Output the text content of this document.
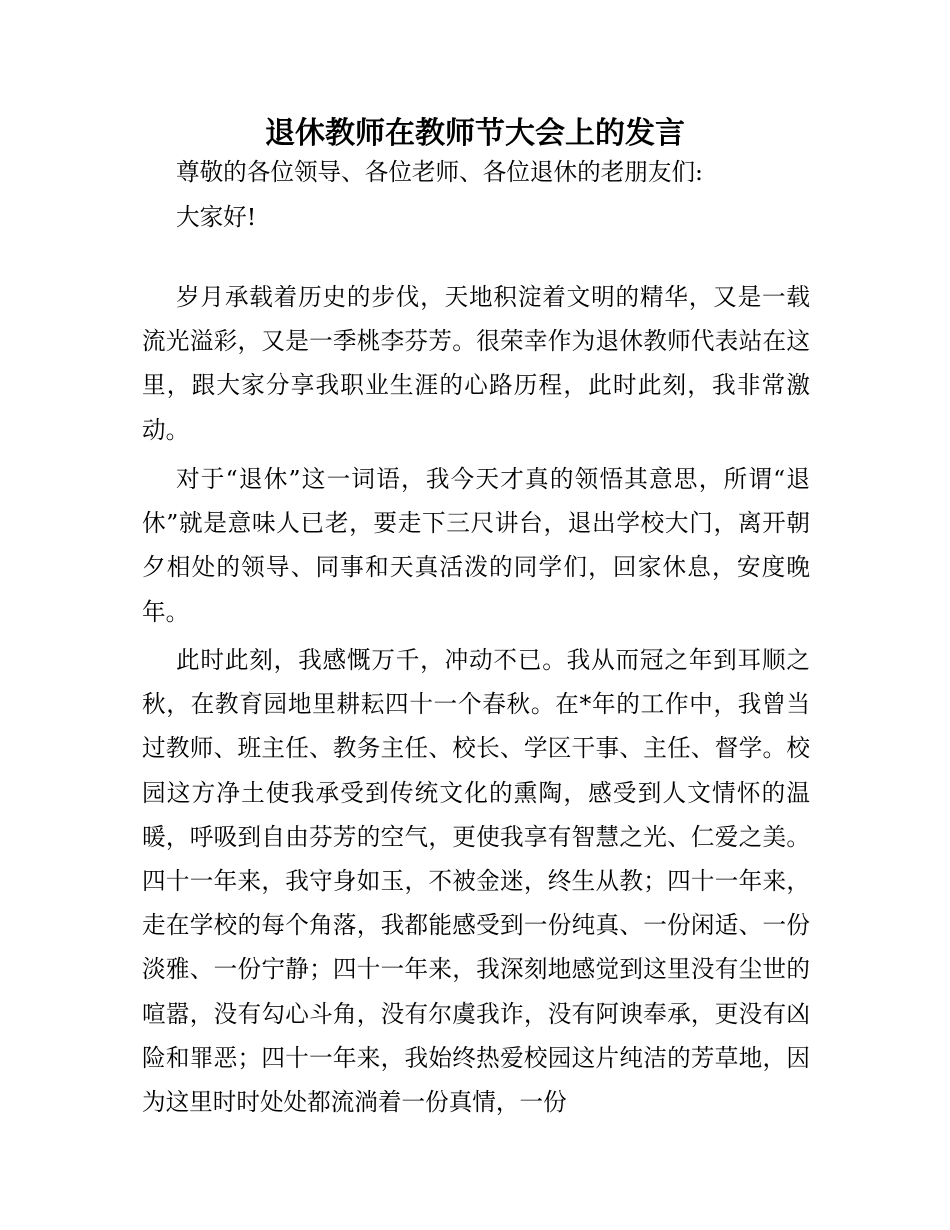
退休教师在教师节大会上的发言

尊敬的各位领导、各位老师、各位退休的老朋友们:

大家好!

岁月承载着历史的步伐，天地积淀着文明的精华，又是一载流光溢彩，又是一季桃李芬芳。很荣幸作为退休教师代表站在这里，跟大家分享我职业生涯的心路历程，此时此刻，我非常激动。

对于“退休”这一词语，我今天才真的领悟其意思，所谓“退休”就是意味人已老，要走下三尺讲台，退出学校大门，离开朝夕相处的领导、同事和天真活泼的同学们，回家休息，安度晚年。

此时此刻，我感慨万千，冲动不已。我从而冠之年到耳顺之秋，在教育园地里耕耘四十一个春秋。在*年的工作中，我曾当过教师、班主任、教务主任、校长、学区干事、主任、督学。校园这方净土使我承受到传统文化的熏陶，感受到人文情怀的温暖，呼吸到自由芬芳的空气，更使我享有智慧之光、仁爱之美。四十一年来，我守身如玉，不被金迷，终生从教；四十一年来，走在学校的每个角落，我都能感受到一份纯真、一份闲适、一份淡雅、一份宁静；四十一年来，我深刻地感觉到这里没有尘世的喧嚣，没有勾心斗角，没有尔虞我诈，没有阿谀奉承，更没有凶险和罪恶；四十一年来，我始终热爱校园这片纯洁的芳草地，因为这里时时处处都流淌着一份真情，一份
